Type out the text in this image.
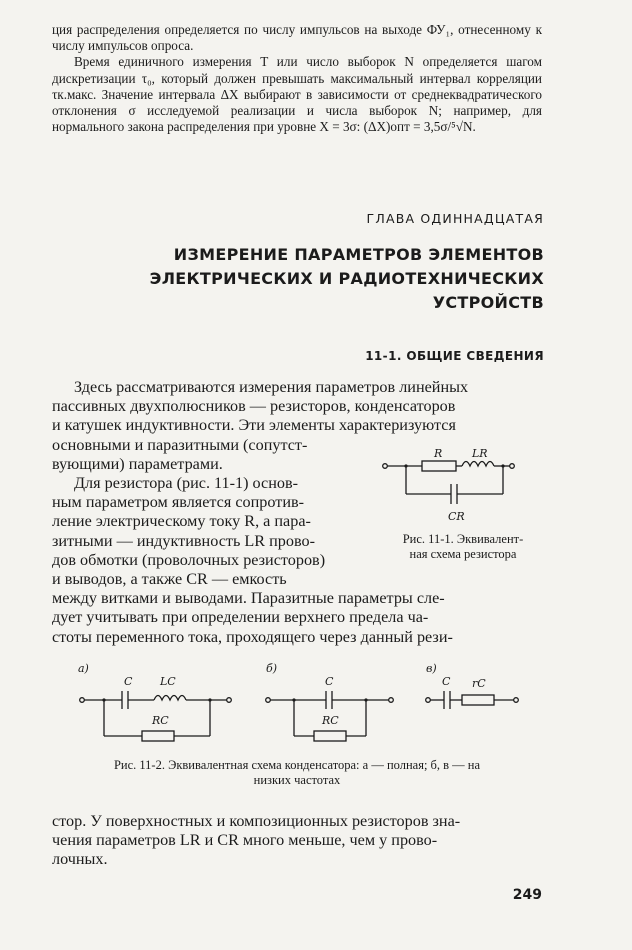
ция распределения определяется по числу импульсов на выходе ФУ₁, отнесенному к числу импульсов опроса.

Время единичного измерения T или число выборок N определяется шагом дискретизации τ₀, который должен превышать максимальный интервал корреляции τк.макс. Значение интервала ΔX выбирают в зависимости от среднеквадратического отклонения σ исследуемой реализации и числа выборок N; например, для нормального закона распределения при уровне X = 3σ: (ΔX)опт = 3,5σ/⁵√N.

ГЛАВА ОДИННАДЦАТАЯ
ИЗМЕРЕНИЕ ПАРАМЕТРОВ ЭЛЕМЕНТОВ
ЭЛЕКТРИЧЕСКИХ И РАДИОТЕХНИЧЕСКИХ
УСТРОЙСТВ
11-1. ОБЩИЕ СВЕДЕНИЯ

Здесь рассматриваются измерения параметров линейных

пассивных двухполюсников — резисторов, конденсаторов

и катушек индуктивности. Эти элементы характеризуются

основными и паразитными (сопутст-

вующими) параметрами.

Для резистора (рис. 11-1) основ-

ным параметром является сопротив-

ление электрическому току R, а пара-

зитными — индуктивность LR прово-

дов обмотки (проволочных резисторов)

и выводов, а также CR — емкость

между витками и выводами. Паразитные параметры сле-

дует учитывать при определении верхнего предела ча-

стоты переменного тока, проходящего через данный рези-

R	LR
CR
Рис. 11-1. Эквивалент-
ная схема резистора
а)
C	LC
RC
б)
C
RC
в)
C rC
Рис. 11-2. Эквивалентная схема конденсатора: а — полная; б, в — на
низких частотах

стор. У поверхностных и композиционных резисторов зна-

чения параметров LR и CR много меньше, чем у прово-

лочных.

249
